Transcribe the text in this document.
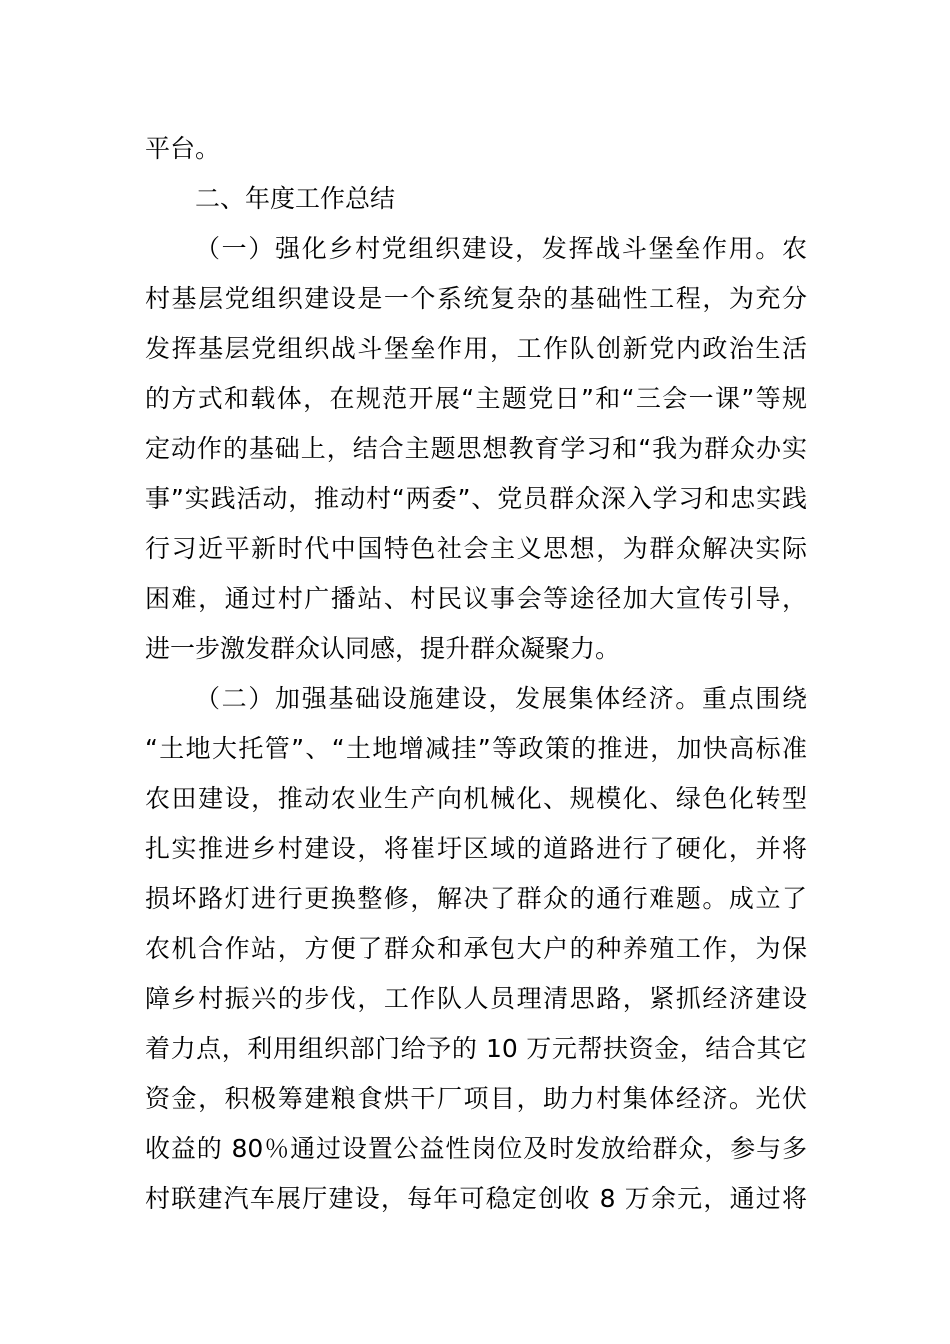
平台。
二、年度工作总结
（一）强化乡村党组织建设，发挥战斗堡垒作用。农
村基层党组织建设是一个系统复杂的基础性工程，为充分
发挥基层党组织战斗堡垒作用，工作队创新党内政治生活
的方式和载体，在规范开展“主题党日”和“三会一课”等规
定动作的基础上，结合主题思想教育学习和“我为群众办实
事”实践活动，推动村“两委”、党员群众深入学习和忠实践
行习近平新时代中国特色社会主义思想，为群众解决实际
困难，通过村广播站、村民议事会等途径加大宣传引导，
进一步激发群众认同感，提升群众凝聚力。
（二）加强基础设施建设，发展集体经济。重点围绕
“土地大托管”、“土地增减挂”等政策的推进，加快高标准
农田建设，推动农业生产向机械化、规模化、绿色化转型
扎实推进乡村建设，将崔圩区域的道路进行了硬化，并将
损坏路灯进行更换整修，解决了群众的通行难题。成立了
农机合作站，方便了群众和承包大户的种养殖工作，为保
障乡村振兴的步伐，工作队人员理清思路，紧抓经济建设
着力点，利用组织部门给予的 10 万元帮扶资金，结合其它
资金，积极筹建粮食烘干厂项目，助力村集体经济。光伏
收益的 80％通过设置公益性岗位及时发放给群众，参与多
村联建汽车展厅建设，每年可稳定创收 8 万余元，通过将
